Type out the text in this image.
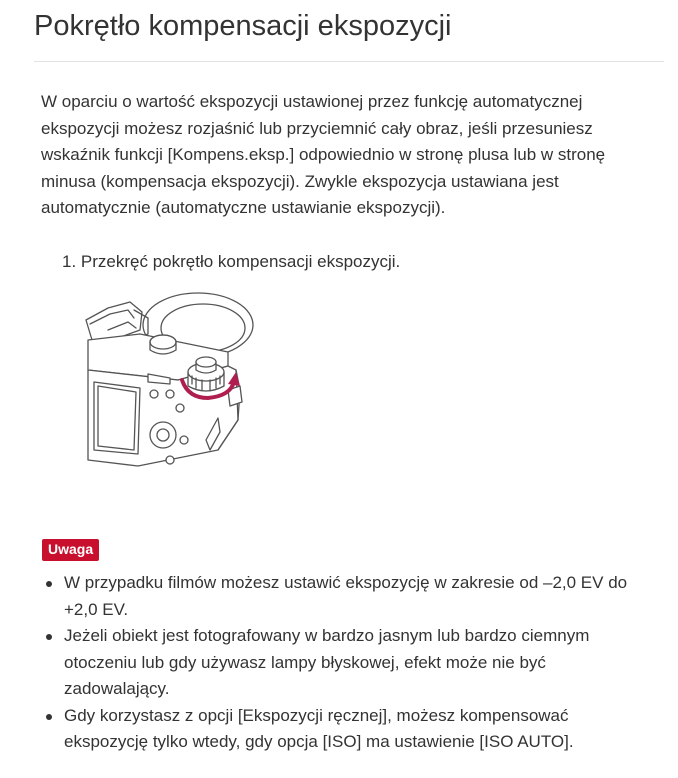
Pokrętło kompensacji ekspozycji

W oparciu o wartość ekspozycji ustawionej przez funkcję automatycznej ekspozycji możesz rozjaśnić lub przyciemnić cały obraz, jeśli przesuniesz wskaźnik funkcji [Kompens.eksp.] odpowiednio w stronę plusa lub w stronę minusa (kompensacja ekspozycji). Zwykle ekspozycja ustawiana jest automatycznie (automatyczne ustawianie ekspozycji).

1. Przekręć pokrętło kompensacji ekspozycji.
Uwaga
W przypadku filmów możesz ustawić ekspozycję w zakresie od –2,0 EV do +2,0 EV.
Jeżeli obiekt jest fotografowany w bardzo jasnym lub bardzo ciemnym otoczeniu lub gdy używasz lampy błyskowej, efekt może nie być zadowalający.
Gdy korzystasz z opcji [Ekspozycji ręcznej], możesz kompensować ekspozycję tylko wtedy, gdy opcja [ISO] ma ustawienie [ISO AUTO].
